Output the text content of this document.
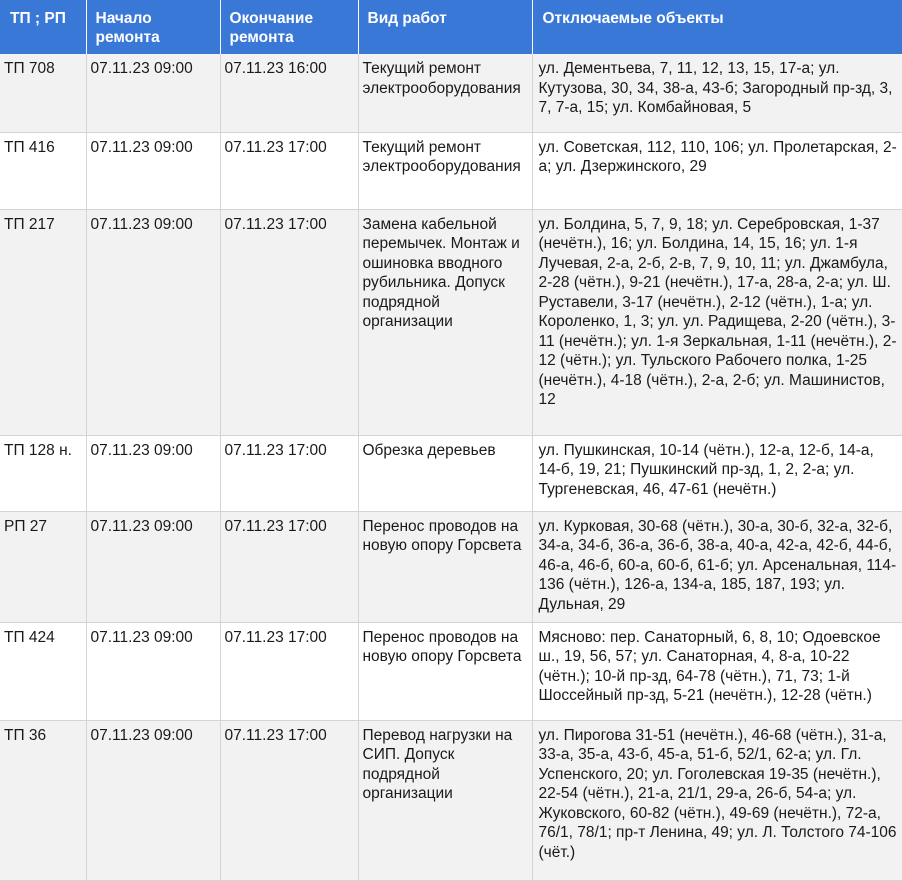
ТП ; РП	Начало ремонта	Окончание ремонта	Вид работ	Отключаемые объекты
ТП 708	07.11.23 09:00	07.11.23 16:00	Текущий ремонт электрооборудования	ул. Дементьева, 7, 11, 12, 13, 15, 17-а; ул. Кутузова, 30, 34, 38-а, 43-б; Загородный пр-зд, 3, 7, 7-а, 15; ул. Комбайновая, 5
ТП 416	07.11.23 09:00	07.11.23 17:00	Текущий ремонт электрооборудования	ул. Советская, 112, 110, 106; ул. Пролетарская, 2-а; ул. Дзержинского, 29
ТП 217	07.11.23 09:00	07.11.23 17:00	Замена кабельной перемычек. Монтаж и ошиновка вводного рубильника. Допуск подрядной организации	ул. Болдина, 5, 7, 9, 18; ул. Серебровская, 1-37 (нечётн.), 16; ул. Болдина, 14, 15, 16; ул. 1-я Лучевая, 2-а, 2-б, 2-в, 7, 9, 10, 11; ул. Джамбула, 2-28 (чётн.), 9-21 (нечётн.), 17-а, 28-а, 2-а; ул. Ш. Руставели, 3-17 (нечётн.), 2-12 (чётн.), 1-а; ул. Короленко, 1, 3; ул. ул. Радищева, 2-20 (чётн.), 3-11 (нечётн.); ул. 1-я Зеркальная, 1-11 (нечётн.), 2-12 (чётн.); ул. Тульского Рабочего полка, 1-25 (нечётн.), 4-18 (чётн.), 2-а, 2-б; ул. Машинистов, 12
ТП 128 н.	07.11.23 09:00	07.11.23 17:00	Обрезка деревьев	ул. Пушкинская, 10-14 (чётн.), 12-а, 12-б, 14-а, 14-б, 19, 21; Пушкинский пр-зд, 1, 2, 2-а; ул. Тургеневская, 46, 47-61 (нечётн.)
РП 27	07.11.23 09:00	07.11.23 17:00	Перенос проводов на новую опору Горсвета	ул. Курковая, 30-68 (чётн.), 30-а, 30-б, 32-а, 32-б, 34-а, 34-б, 36-а, 36-б, 38-а, 40-а, 42-а, 42-б, 44-б, 46-а, 46-б, 60-а, 60-б, 61-б; ул. Арсенальная, 114-136 (чётн.), 126-а, 134-а, 185, 187, 193; ул. Дульная, 29
ТП 424	07.11.23 09:00	07.11.23 17:00	Перенос проводов на новую опору Горсвета	Мясново: пер. Санаторный, 6, 8, 10; Одоевское ш., 19, 56, 57; ул. Санаторная, 4, 8-а, 10-22 (чётн.); 10-й пр-зд, 64-78 (чётн.), 71, 73; 1-й Шоссейный пр-зд, 5-21 (нечётн.), 12-28 (чётн.)
ТП 36	07.11.23 09:00	07.11.23 17:00	Перевод нагрузки на СИП. Допуск подрядной организации	ул. Пирогова 31-51 (нечётн.), 46-68 (чётн.), 31-а, 33-а, 35-а, 43-б, 45-а, 51-б, 52/1, 62-а; ул. Гл. Успенского, 20; ул. Гоголевская 19-35 (нечётн.), 22-54 (чётн.), 21-а, 21/1, 29-а, 26-б, 54-а; ул. Жуковского, 60-82 (чётн.), 49-69 (нечётн.), 72-а, 76/1, 78/1; пр-т Ленина, 49; ул. Л. Толстого 74-106 (чёт.)
